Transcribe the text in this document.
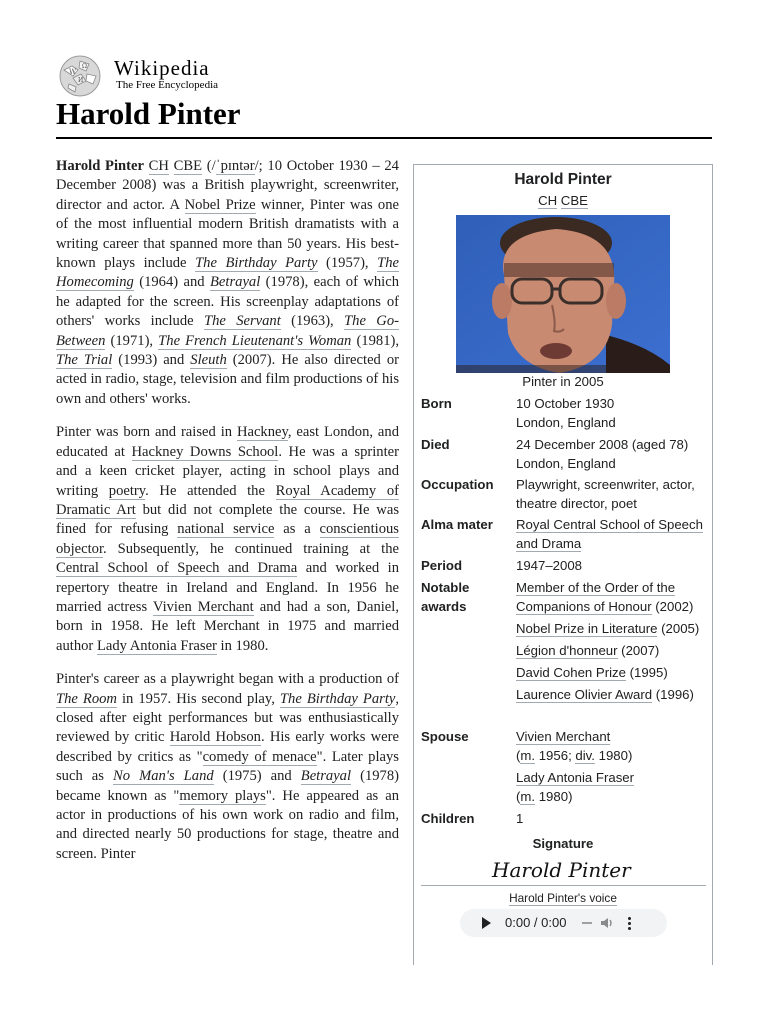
W
Ω
И
Wikipedia
The Free Encyclopedia
Harold Pinter

Harold Pinter CH CBE (/ˈpɪntər/; 10 October 1930 – 24 December 2008) was a British playwright, screenwriter, director and actor. A Nobel Prize winner, Pinter was one of the most influential modern British dramatists with a writing career that spanned more than 50 years. His best-known plays include The Birthday Party (1957), The Homecoming (1964) and Betrayal (1978), each of which he adapted for the screen. His screenplay adaptations of others' works include The Servant (1963), The Go-Between (1971), The French Lieutenant's Woman (1981), The Trial (1993) and Sleuth (2007). He also directed or acted in radio, stage, television and film productions of his own and others' works.

Pinter was born and raised in Hackney, east London, and educated at Hackney Downs School. He was a sprinter and a keen cricket player, acting in school plays and writing poetry. He attended the Royal Academy of Dramatic Art but did not complete the course. He was fined for refusing national service as a conscientious objector. Subsequently, he continued training at the Central School of Speech and Drama and worked in repertory theatre in Ireland and England. In 1956 he married actress Vivien Merchant and had a son, Daniel, born in 1958. He left Merchant in 1975 and married author Lady Antonia Fraser in 1980.

Pinter's career as a playwright began with a production of The Room in 1957. His second play, The Birthday Party, closed after eight performances but was enthusiastically reviewed by critic Harold Hobson. His early works were described by critics as "comedy of menace". Later plays such as No Man's Land (1975) and Betrayal (1978) became known as "memory plays". He appeared as an actor in productions of his own work on radio and film, and directed nearly 50 productions for stage, theatre and screen. Pinter

Harold Pinter
CH CBE
Pinter in 2005
Born	10 October 1930
London, England
Died	24 December 2008 (aged 78)
London, England
Occupation	Playwright, screenwriter, actor, theatre director, poet
Alma mater	Royal Central School of Speech and Drama
Period	1947–2008
Notable awards
Member of the Order of the Companions of Honour (2002)
Nobel Prize in Literature (2005)
Légion d'honneur (2007)
David Cohen Prize (1995)
Laurence Olivier Award (1996)
Spouse	Vivien Merchant
(m. 1956; div. 1980)
Lady Antonia Fraser
(m. 1980)
Children	1
Signature
Harold Pinter
Harold Pinter's voice
0:00 / 0:00
